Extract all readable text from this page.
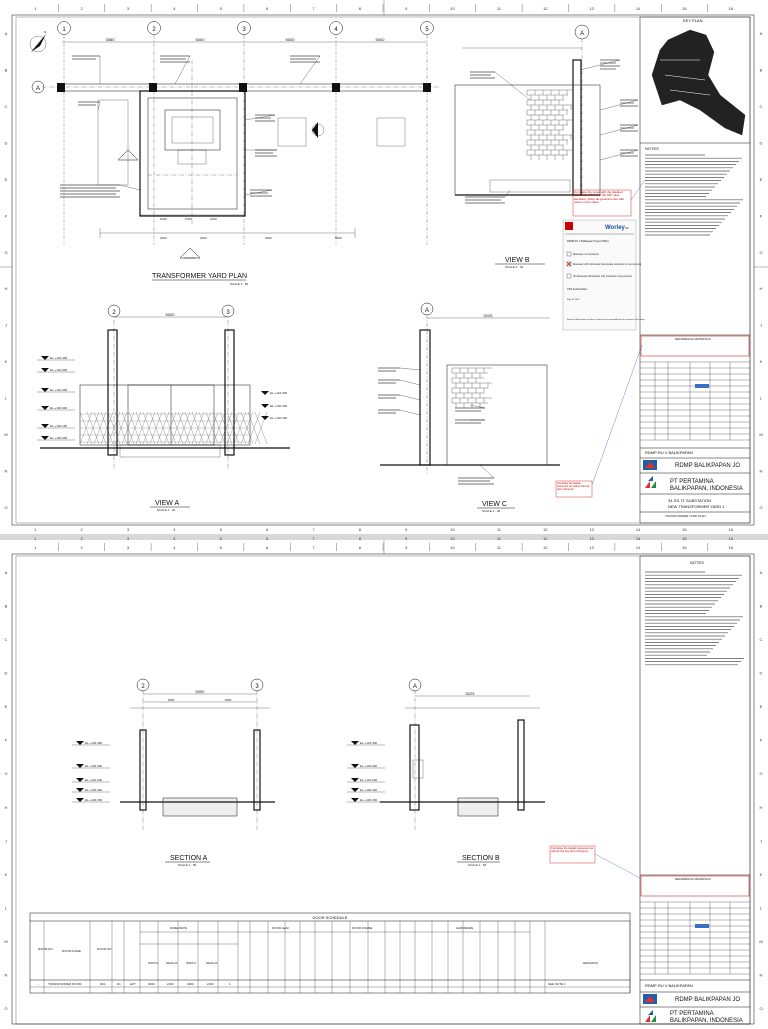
1
1
2
2
3
3
4
4
5
5
6
6
7
7
8
8
9
9
10
10
11
11
12
12
13
13
14
14
15
15
16
16
A	A
B	B
C	C
D	D
E	E
F	F
G	G
H	H
J	J
K	K
L	L
M	M
N	N
O	O
1	2	3	4	5
A
3580	5000	5000	5000
1000	1000	1000
1500	1500	2500	5000
N
TRANSFORMER YARD PLAN
SCALE 1 : 50
A
VIEW B
SCALE 1 : 40
2	3
5000
EL.+103.400
EL.+102.000
EL.+101.000
EL.+100.400
EL.+100.150
EL.+100.000
EL.+101.000
EL.+100.400
EL.+100.150
VIEW A
SCALE 1 : 40
A
5225
VIEW C
SCALE 1 : 40
Worley S2
RDMP RU V Balikpapan Project (PMC)
Reviewed, no Comments
Reviewed, with Comments (Incorporate comments in next revision)
Not Reviewed (Information only, Contractor may proceed)
CPS Authorization
May 31 2021
Review by Worley does not relieve Contractor of its responsibility for the correctness of the design
Complete the notes with the detailed information, Refer to the KEY plan elevation, Refer all general notes with notes on the sheet
Complete the details document as well as the key plan reference
KEY PLAN
NOTES
REFERENCE DRAWINGS
RDMP RU V BALIKPAPAN
RDMP BALIKPAPAN JO
PT PERTAMINA
BALIKPAPAN, INDONESIA
34-SS-71 SUBSTATION
NEW TRANSFORMER YARD 1
TRANSFORMER YARD PLAN
1
1
2
2
3
3
4
4
5
5
6
6
7
7
8
8
9
9
10
10
11
11
12
12
13
13
14
14
15
15
16
16
A	A
B	B
C	C
D	D
E	E
F	F
G	G
H	H
J	J
K	K
L	L
M	M
N	N
O	O
2	3
5000
2500	2500
EL.+103.400
EL.+102.000
EL.+101.000
EL.+100.400
EL.+100.150
SECTION A
SCALE 1 : 50
A
5225
EL.+103.400
EL.+102.000
EL.+101.000
EL.+100.400
EL.+100.150
SECTION B
SCALE 1 : 50
Complete the details document as well as the key plan reference
DOOR SCHEDULE
ROOM NO.	ROOM NAME	DOOR NO.
DIMENSION	DOOR LEAF	DOOR FRAME	HARDWARE
WIDTH	HEIGHT	WIDTH	HEIGHT	REMARKS
-	TRANSFORMER ROOM	D01	D1	EXT	4000	2100	4000	2100	1	SEE NOTE 1
NOTES
REFERENCE DRAWINGS
RDMP RU V BALIKPAPAN
RDMP BALIKPAPAN JO
PT PERTAMINA
BALIKPAPAN, INDONESIA
